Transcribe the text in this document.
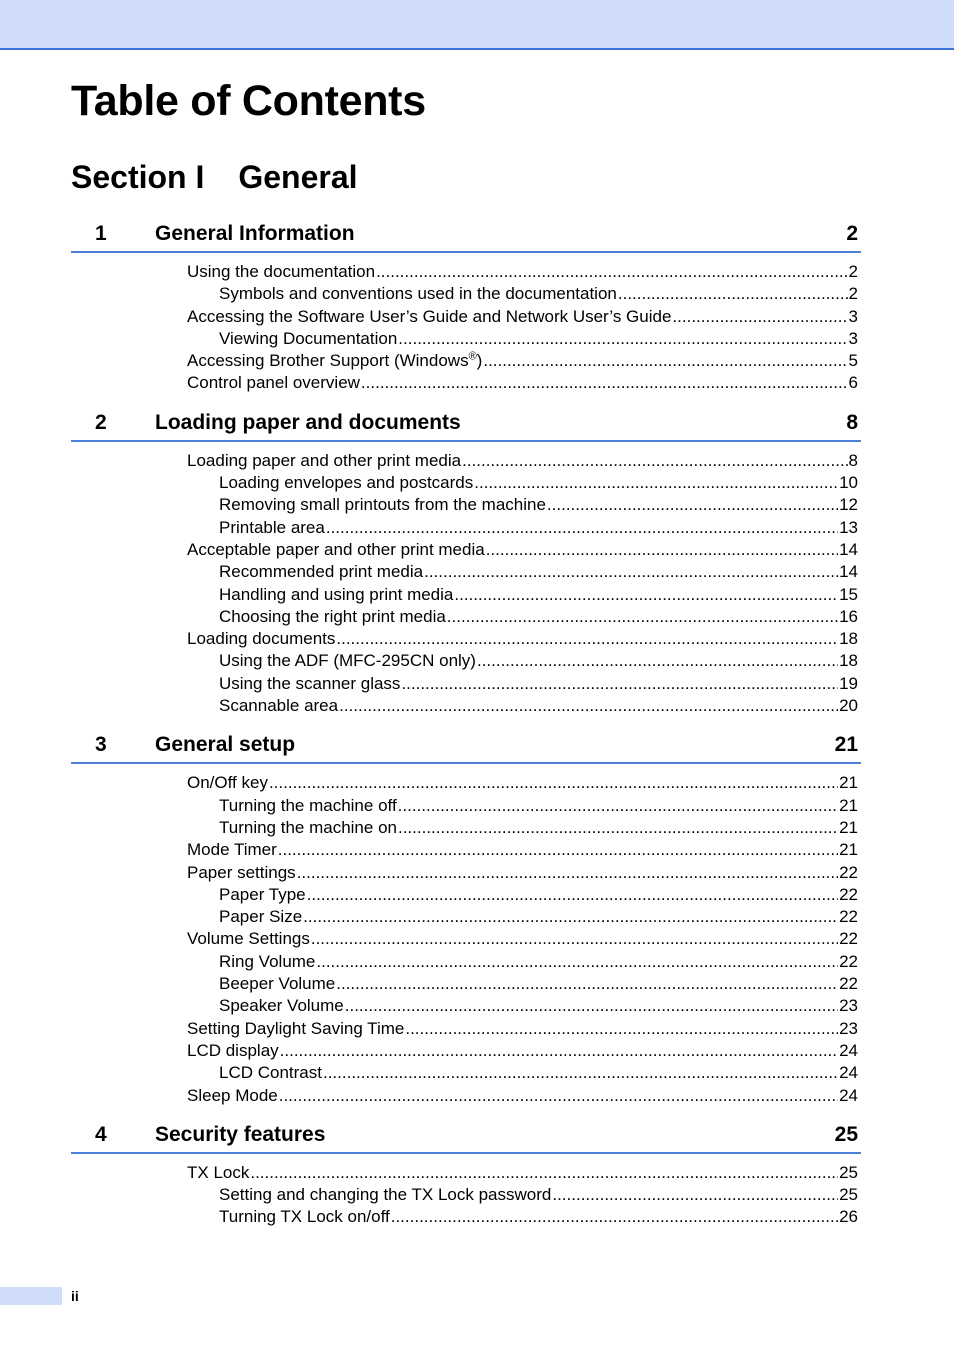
Table of Contents
Section I General
1	General Information	2
Using the documentation .....	2
Symbols and conventions used in the documentation .....	2
Accessing the Software User’s Guide and Network User’s Guide .....	3
Viewing Documentation .....	3
Accessing Brother Support (Windows®) .....	5
Control panel overview .....	6
2	Loading paper and documents	8
Loading paper and other print media .....	8
Loading envelopes and postcards .....	10
Removing small printouts from the machine .....	12
Printable area .....	13
Acceptable paper and other print media .....	14
Recommended print media .....	14
Handling and using print media .....	15
Choosing the right print media .....	16
Loading documents .....	18
Using the ADF (MFC-295CN only) .....	18
Using the scanner glass .....	19
Scannable area .....	20
3	General setup	21
On/Off key .....	21
Turning the machine off .....	21
Turning the machine on .....	21
Mode Timer .....	21
Paper settings .....	22
Paper Type .....	22
Paper Size .....	22
Volume Settings .....	22
Ring Volume .....	22
Beeper Volume .....	22
Speaker Volume .....	23
Setting Daylight Saving Time .....	23
LCD display .....	24
LCD Contrast .....	24
Sleep Mode .....	24
4	Security features	25
TX Lock .....	25
Setting and changing the TX Lock password .....	25
Turning TX Lock on/off .....	26
ii
